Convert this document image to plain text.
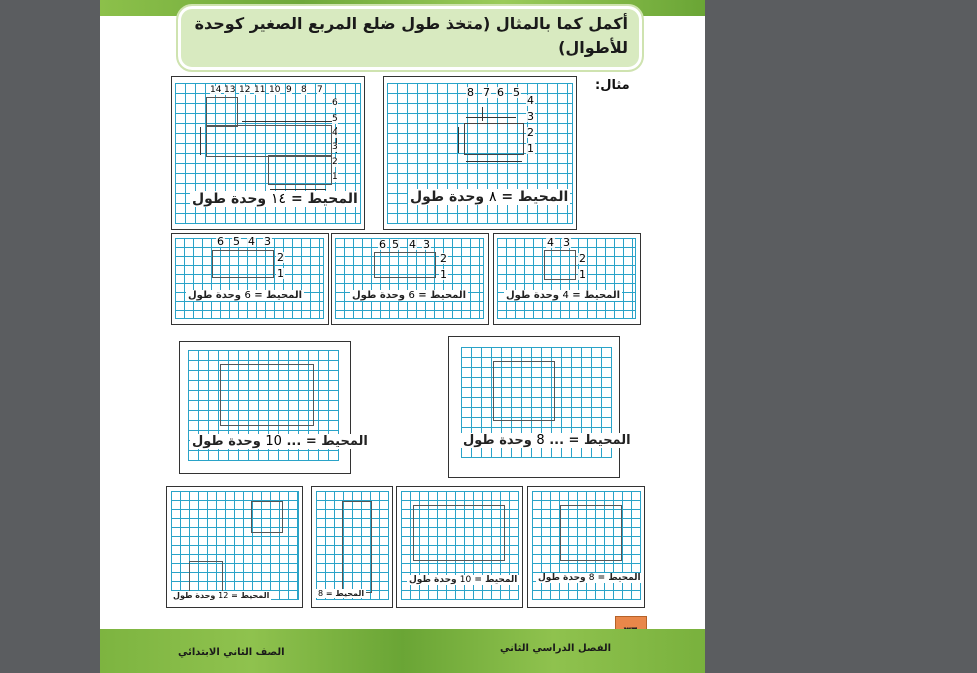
أكمل كما بالمثال (متخذ طول ضلع المربع الصغير كوحدة للأطوال)
مثال:
8 7 6 5
4
3
2
1
المحيط = ٨ وحدة طول
14 13 12 11 10 9 8 7
6
5
4
3
2
1
المحيط = ١٤ وحدة طول
4 3
2
1
المحيط = 4 وحدة طول
6 5 4 3
2
1
المحيط = 6 وحدة طول
6 5 4 3
2
1
المحيط = 6 وحدة طول
المحيط = ... 8 وحدة طول
المحيط = ... 10 وحدة طول
المحيط = 8 وحدة طول
المحيط = 10 وحدة طول
المحيط = 8
المحيط = 12 وحدة طول
الفصل الدراسي الثاني
الصف الثاني الابتدائي
